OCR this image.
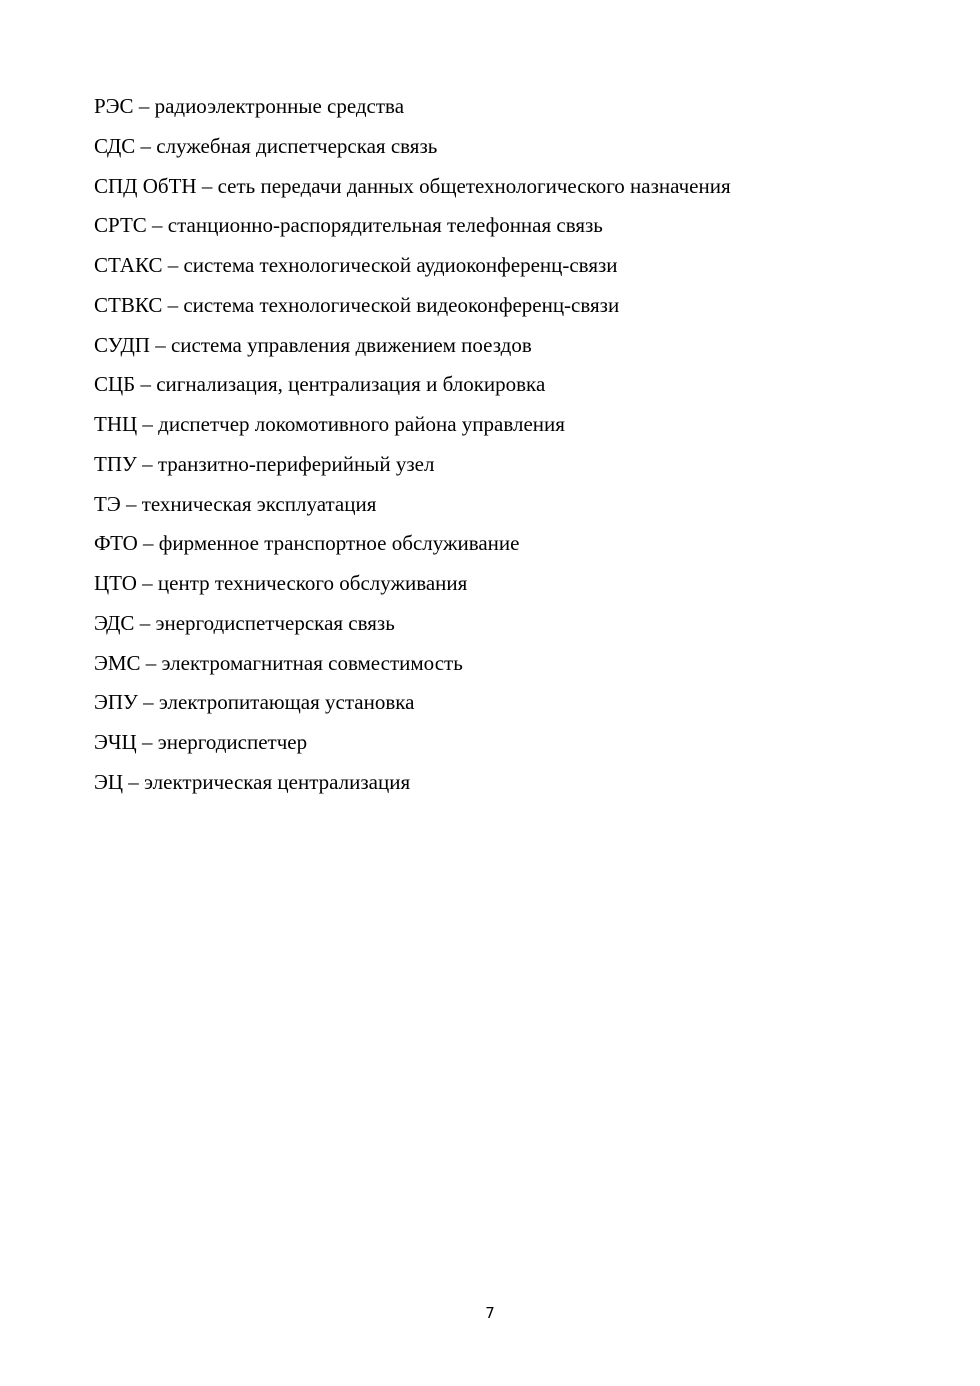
РЭС – радиоэлектронные средства
СДС – служебная диспетчерская связь
СПД ОбТН – сеть передачи данных общетехнологического назначения
СРТС – станционно-распорядительная телефонная связь
СТАКС – система технологической аудиоконференц-связи
СТВКС – система технологической видеоконференц-связи
СУДП – система управления движением поездов
СЦБ – сигнализация, централизация и блокировка
ТНЦ – диспетчер локомотивного района управления
ТПУ – транзитно-периферийный узел
ТЭ – техническая эксплуатация
ФТО – фирменное транспортное обслуживание
ЦТО – центр технического обслуживания
ЭДС – энергодиспетчерская связь
ЭМС – электромагнитная совместимость
ЭПУ – электропитающая установка
ЭЧЦ – энергодиспетчер
ЭЦ – электрическая централизация
7
